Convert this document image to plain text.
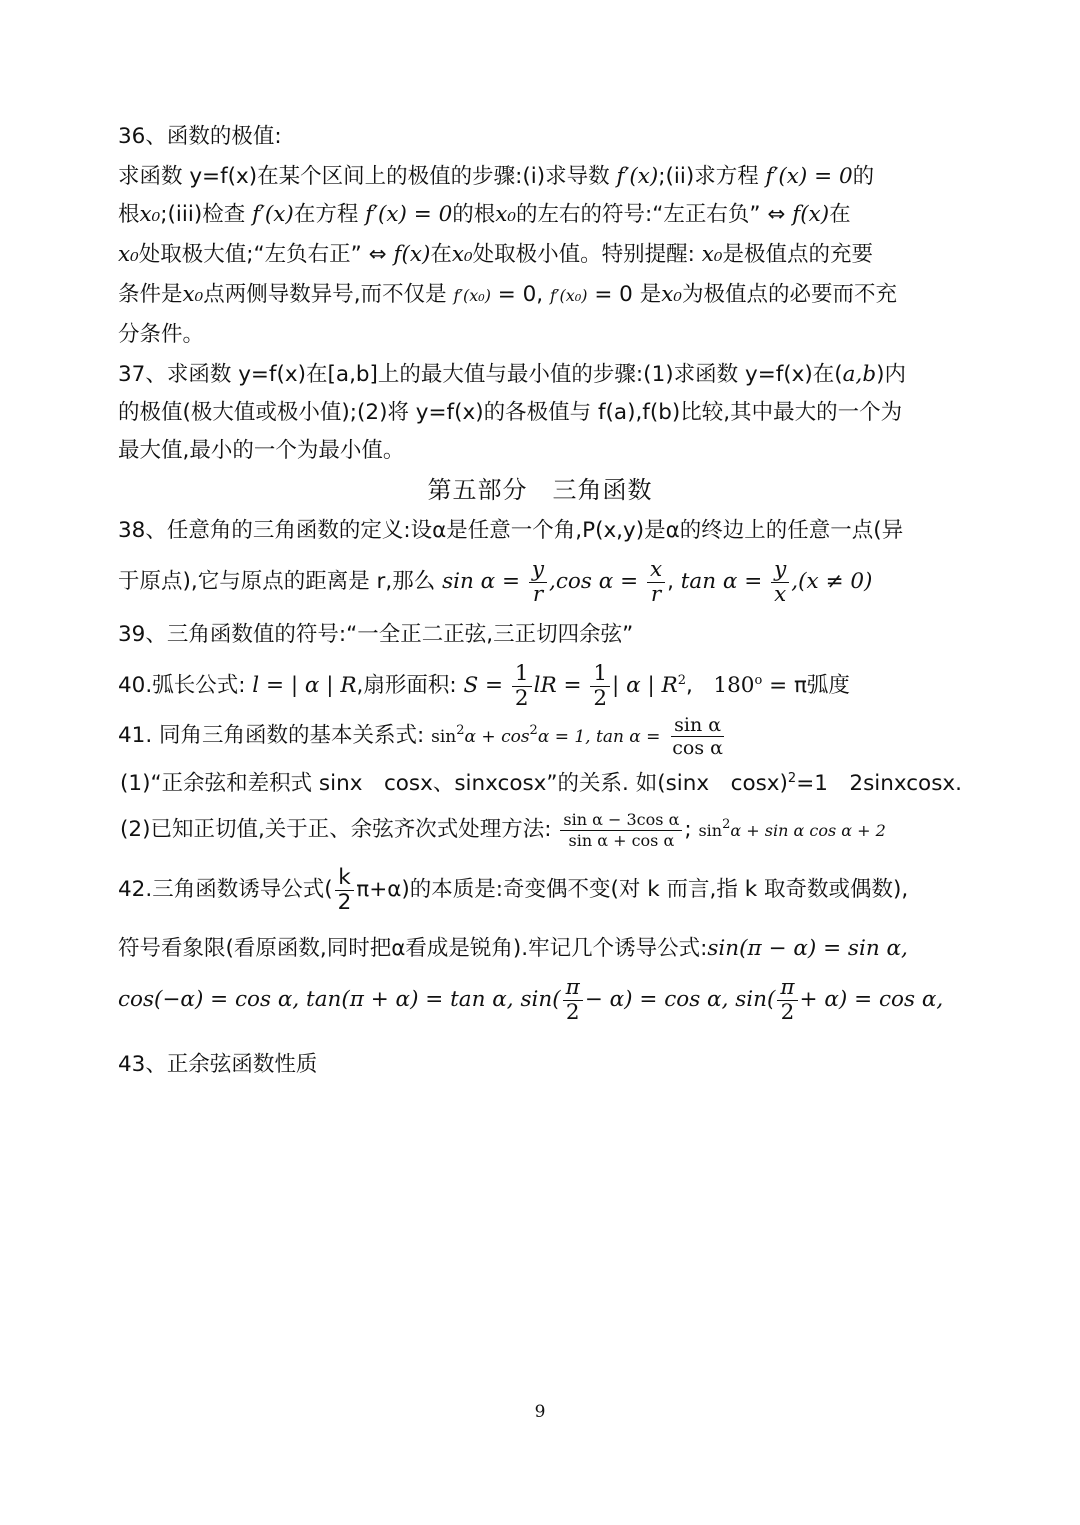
36、函数的极值:
求函数 y=f(x)在某个区间上的极值的步骤:(i)求导数 f′(x);(ii)求方程 f′(x) = 0的
根x₀;(iii)检查 f′(x)在方程 f′(x) = 0的根x₀的左右的符号:“左正右负” ⇔ f(x)在
x₀处取极大值;“左负右正” ⇔ f(x)在x₀处取极小值。特别提醒: x₀是极值点的充要
条件是x₀点两侧导数异号,而不仅是 f′(x₀) = 0, f′(x₀) = 0 是x₀为极值点的必要而不充
分条件。
37、求函数 y=f(x)在[a,b]上的最大值与最小值的步骤:(1)求函数 y=f(x)在(a,b)内
的极值(极大值或极小值);(2)将 y=f(x)的各极值与 f(a),f(b)比较,其中最大的一个为
最大值,最小的一个为最小值。
第五部分　三角函数
38、任意角的三角函数的定义:设α是任意一个角,P(x,y)是α的终边上的任意一点(异
于原点),它与原点的距离是 r,那么 $\sin \alpha = \frac{y}{r} ,\cos$ $\alpha = \frac{x}{r}$ , $\tan \alpha = \frac{y}{x} ,(x \ne 0)$
39、三角函数值的符号:“一全正二正弦,三正切四余弦”
40.弧长公式: l = | α | R,扇形面积: $S = \frac{1}{2}$ lR = $\frac{1}{2}$ | α | $R^2$, $180^o = \pi$弧度
41. 同角三角函数的基本关系式: $\sin^2\alpha + \cos^2\alpha = 1$, $\tan \alpha = \frac{\text{sin α}}{\text{cos α}}$
(1)“正余弦和差积式 sinx　cosx、sinxcosx”的关系. 如(sinx　cosx)$^2$=1　2sinxcosx.
(2)已知正切值,关于正、余弦齐次式处理方法: $\frac{\text{sin α − 3cos α}}{\text{sin α + cos α}}$ ; $\sin^2\alpha + \sin \alpha$ cos α + 2
42.三角函数诱导公式( $\frac{k}{2} \pi+\alpha$)的本质是:奇变偶不变(对 k 而言,指 k 取奇数或偶数),
符号看象限(看原函数,同时把α看成是锐角).牢记几个诱导公式:sin(π − α) = sin α,
cos(−α) = cos α, tan(π + α) = tan α, $\sin( \frac{\pi}{2} - \alpha) = \cos \alpha$, $\sin( \frac{\pi}{2} + \alpha) = \cos \alpha$,
43、正余弦函数性质
9
